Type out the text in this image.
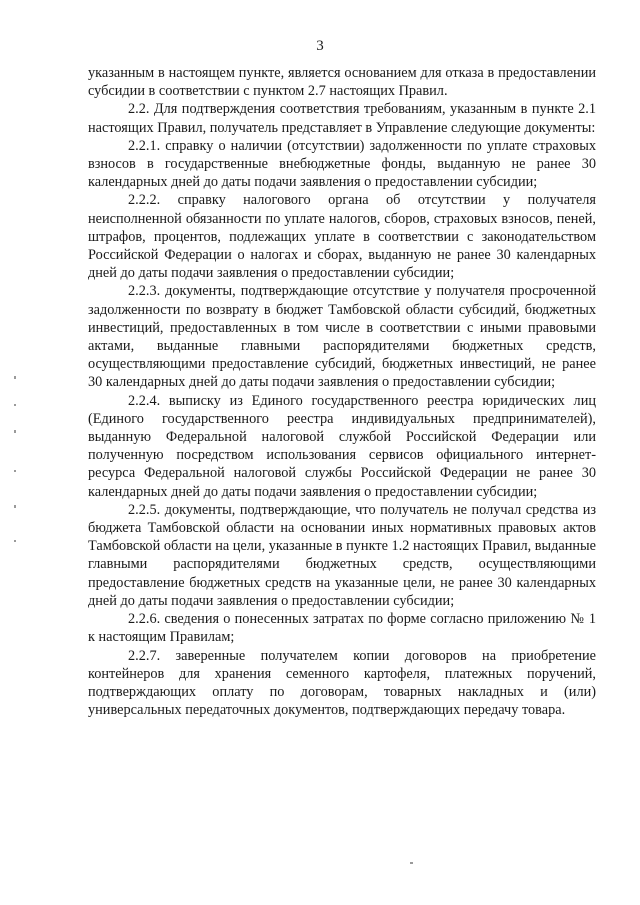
3

указанным в настоящем пункте, является основанием для отказа в предоставлении субсидии в соответствии с пунктом 2.7 настоящих Правил.

2.2. Для подтверждения соответствия требованиям, указанным в пункте 2.1 настоящих Правил, получатель представляет в Управление следующие документы:

2.2.1. справку о наличии (отсутствии) задолженности по уплате страховых взносов в государственные внебюджетные фонды, выданную не ранее 30 календарных дней до даты подачи заявления о предоставлении субсидии;

2.2.2. справку налогового органа об отсутствии у получателя неисполненной обязанности по уплате налогов, сборов, страховых взносов, пеней, штрафов, процентов, подлежащих уплате в соответствии с законодательством Российской Федерации о налогах и сборах, выданную не ранее 30 календарных дней до даты подачи заявления о предоставлении субсидии;

2.2.3. документы, подтверждающие отсутствие у получателя просроченной задолженности по возврату в бюджет Тамбовской области субсидий, бюджетных инвестиций, предоставленных в том числе в соответствии с иными правовыми актами, выданные главными распорядителями бюджетных средств, осуществляющими предоставление субсидий, бюджетных инвестиций, не ранее 30 календарных дней до даты подачи заявления о предоставлении субсидии;

2.2.4. выписку из Единого государственного реестра юридических лиц (Единого государственного реестра индивидуальных предпринимателей), выданную Федеральной налоговой службой Российской Федерации или полученную посредством использования сервисов официального интернет-ресурса Федеральной налоговой службы Российской Федерации не ранее 30 календарных дней до даты подачи заявления о предоставлении субсидии;

2.2.5. документы, подтверждающие, что получатель не получал средства из бюджета Тамбовской области на основании иных нормативных правовых актов Тамбовской области на цели, указанные в пункте 1.2 настоящих Правил, выданные главными распорядителями бюджетных средств, осуществляющими предоставление бюджетных средств на указанные цели, не ранее 30 календарных дней до даты подачи заявления о предоставлении субсидии;

2.2.6. сведения о понесенных затратах по форме согласно приложению № 1 к настоящим Правилам;

2.2.7. заверенные получателем копии договоров на приобретение контейнеров для хранения семенного картофеля, платежных поручений, подтверждающих оплату по договорам, товарных накладных и (или) универсальных передаточных документов, подтверждающих передачу товара.
